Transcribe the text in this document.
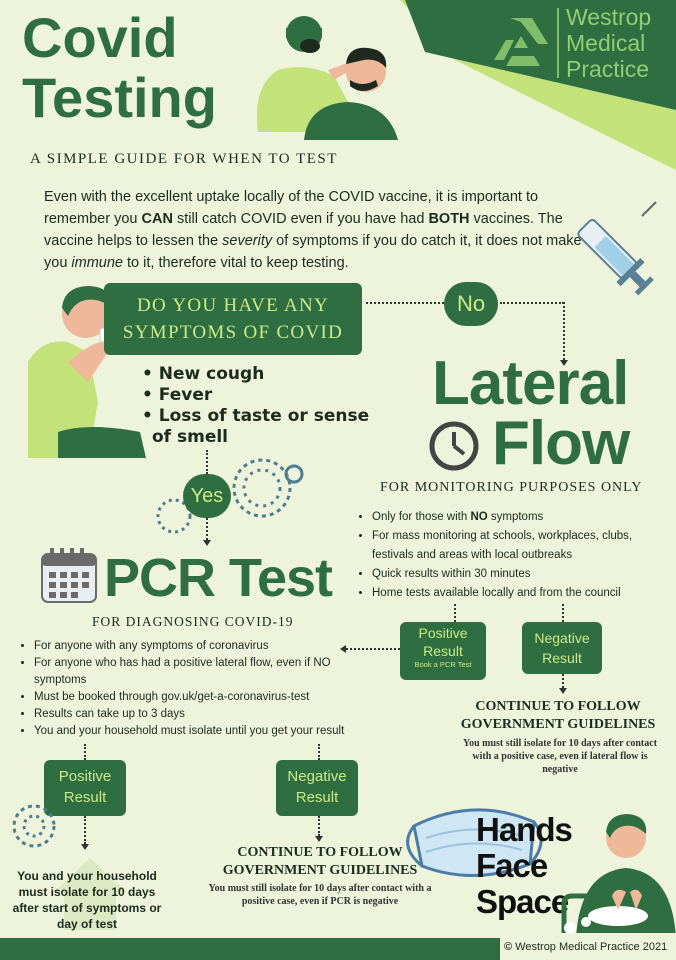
Westrop
Medical
Practice
Covid
Testing
A SIMPLE GUIDE FOR WHEN TO TEST
Even with the excellent uptake locally of the COVID vaccine, it is important to remember you CAN still catch COVID even if you have had BOTH vaccines. The vaccine helps to lessen the severity of symptoms if you do catch it, it does not make you immune to it, therefore vital to keep testing.
DO YOU HAVE ANY
SYMPTOMS OF COVID
• New cough
• Fever
• Loss of taste or sense
of smell
No
Lateral
Flow
FOR MONITORING PURPOSES ONLY
• Only for those with NO symptoms
• For mass monitoring at schools, workplaces, clubs, festivals and areas with local outbreaks
• Quick results within 30 minutes
• Home tests available locally and from the council
Yes
PCR Test
FOR DIAGNOSING COVID-19
• For anyone with any symptoms of coronavirus
• For anyone who has had a positive lateral flow, even if NO symptoms
• Must be booked through gov.uk/get-a-coronavirus-test
• Results can take up to 3 days
• You and your household must isolate until you get your result
Positive
Result
Book a PCR Test
Negative
Result
CONTINUE TO FOLLOW
GOVERNMENT GUIDELINES
You must still isolate for 10 days after contact with a positive case, even if lateral flow is negative
Positive
Result
Negative
Result
You and your household must isolate for 10 days after start of symptoms or day of test
CONTINUE TO FOLLOW
GOVERNMENT GUIDELINES
You must still isolate for 10 days after contact with a positive case, even if PCR is negative
Hands
Face
Space
© Westrop Medical Practice 2021
